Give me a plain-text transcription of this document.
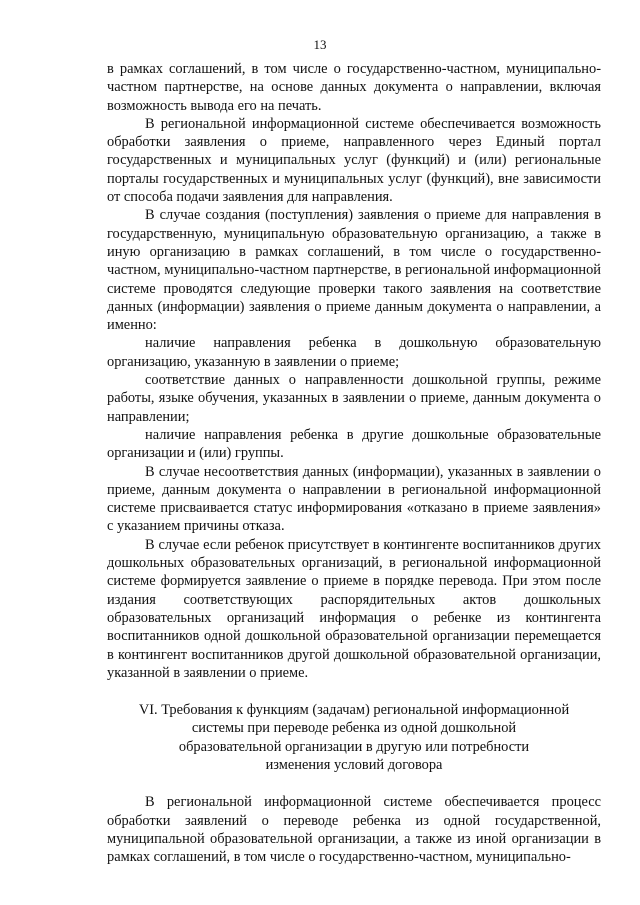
13

в рамках соглашений, в том числе о государственно-частном, муниципально-частном партнерстве, на основе данных документа о направлении, включая возможность вывода его на печать.

В региональной информационной системе обеспечивается возможность обработки заявления о приеме, направленного через Единый портал государственных и муниципальных услуг (функций) и (или) региональные порталы государственных и муниципальных услуг (функций), вне зависимости от способа подачи заявления для направления.

В случае создания (поступления) заявления о приеме для направления в государственную, муниципальную образовательную организацию, а также в иную организацию в рамках соглашений, в том числе о государственно-частном, муниципально-частном партнерстве, в региональной информационной системе проводятся следующие проверки такого заявления на соответствие данных (информации) заявления о приеме данным документа о направлении, а именно:

наличие направления ребенка в дошкольную образовательную организацию, указанную в заявлении о приеме;

соответствие данных о направленности дошкольной группы, режиме работы, языке обучения, указанных в заявлении о приеме, данным документа о направлении;

наличие направления ребенка в другие дошкольные образовательные организации и (или) группы.

В случае несоответствия данных (информации), указанных в заявлении о приеме, данным документа о направлении в региональной информационной системе присваивается статус информирования «отказано в приеме заявления» с указанием причины отказа.

В случае если ребенок присутствует в контингенте воспитанников других дошкольных образовательных организаций, в региональной информационной системе формируется заявление о приеме в порядке перевода. При этом после издания соответствующих распорядительных актов дошкольных образовательных организаций информация о ребенке из контингента воспитанников одной дошкольной образовательной организации перемещается в контингент воспитанников другой дошкольной образовательной организации, указанной в заявлении о приеме.

VI. Требования к функциям (задачам) региональной информационной
системы при переводе ребенка из одной дошкольной
образовательной организации в другую или потребности
изменения условий договора

В региональной информационной системе обеспечивается процесс обработки заявлений о переводе ребенка из одной государственной, муниципальной образовательной организации, а также из иной организации в рамках соглашений, в том числе о государственно-частном, муниципально-
